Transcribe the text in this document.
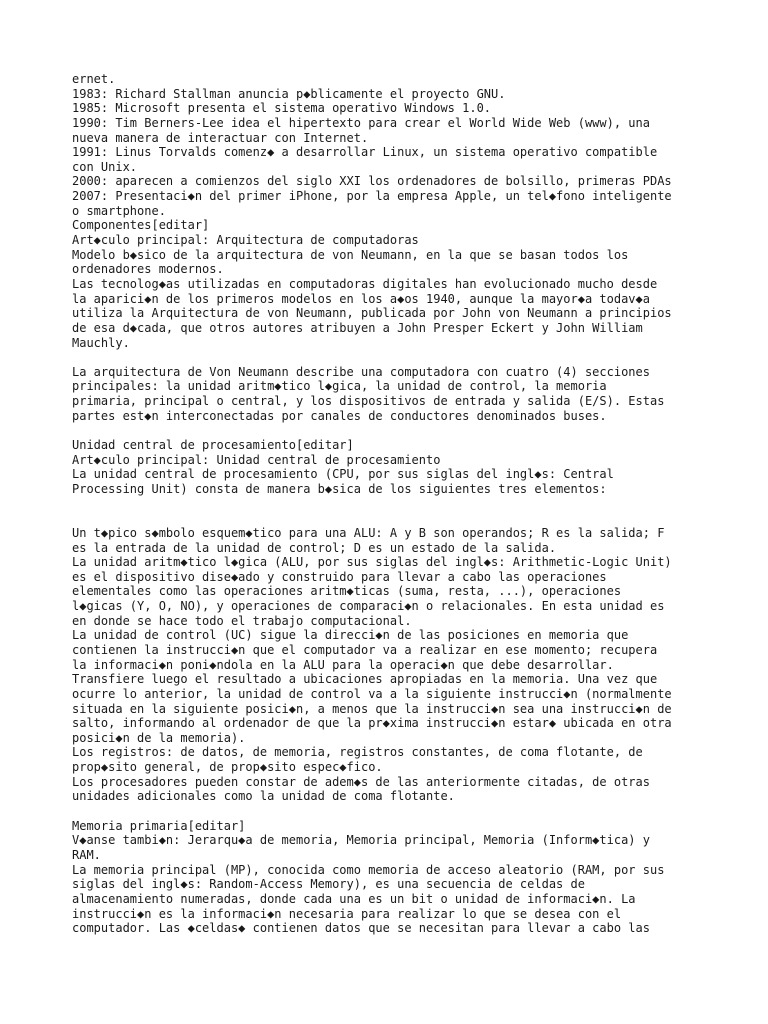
ernet.
1983: Richard Stallman anuncia p◆blicamente el proyecto GNU.
1985: Microsoft presenta el sistema operativo Windows 1.0.
1990: Tim Berners-Lee idea el hipertexto para crear el World Wide Web (www), una
nueva manera de interactuar con Internet.
1991: Linus Torvalds comenz◆ a desarrollar Linux, un sistema operativo compatible
con Unix.
2000: aparecen a comienzos del siglo XXI los ordenadores de bolsillo, primeras PDAs
2007: Presentaci◆n del primer iPhone, por la empresa Apple, un tel◆fono inteligente
o smartphone.
Componentes[editar]
Art◆culo principal: Arquitectura de computadoras
Modelo b◆sico de la arquitectura de von Neumann, en la que se basan todos los
ordenadores modernos.
Las tecnolog◆as utilizadas en computadoras digitales han evolucionado mucho desde
la aparici◆n de los primeros modelos en los a◆os 1940, aunque la mayor◆a todav◆a
utiliza la Arquitectura de von Neumann, publicada por John von Neumann a principios
de esa d◆cada, que otros autores atribuyen a John Presper Eckert y John William
Mauchly.
La arquitectura de Von Neumann describe una computadora con cuatro (4) secciones
principales: la unidad aritm◆tico l◆gica, la unidad de control, la memoria
primaria, principal o central, y los dispositivos de entrada y salida (E/S). Estas
partes est◆n interconectadas por canales de conductores denominados buses.
Unidad central de procesamiento[editar]
Art◆culo principal: Unidad central de procesamiento
La unidad central de procesamiento (CPU, por sus siglas del ingl◆s: Central
Processing Unit) consta de manera b◆sica de los siguientes tres elementos:
Un t◆pico s◆mbolo esquem◆tico para una ALU: A y B son operandos; R es la salida; F
es la entrada de la unidad de control; D es un estado de la salida.
La unidad aritm◆tico l◆gica (ALU, por sus siglas del ingl◆s: Arithmetic-Logic Unit)
es el dispositivo dise◆ado y construido para llevar a cabo las operaciones
elementales como las operaciones aritm◆ticas (suma, resta, ...), operaciones
l◆gicas (Y, O, NO), y operaciones de comparaci◆n o relacionales. En esta unidad es
en donde se hace todo el trabajo computacional.
La unidad de control (UC) sigue la direcci◆n de las posiciones en memoria que
contienen la instrucci◆n que el computador va a realizar en ese momento; recupera
la informaci◆n poni◆ndola en la ALU para la operaci◆n que debe desarrollar.
Transfiere luego el resultado a ubicaciones apropiadas en la memoria. Una vez que
ocurre lo anterior, la unidad de control va a la siguiente instrucci◆n (normalmente
situada en la siguiente posici◆n, a menos que la instrucci◆n sea una instrucci◆n de
salto, informando al ordenador de que la pr◆xima instrucci◆n estar◆ ubicada en otra
posici◆n de la memoria).
Los registros: de datos, de memoria, registros constantes, de coma flotante, de
prop◆sito general, de prop◆sito espec◆fico.
Los procesadores pueden constar de adem◆s de las anteriormente citadas, de otras
unidades adicionales como la unidad de coma flotante.
Memoria primaria[editar]
V◆anse tambi◆n: Jerarqu◆a de memoria, Memoria principal, Memoria (Inform◆tica) y
RAM.
La memoria principal (MP), conocida como memoria de acceso aleatorio (RAM, por sus
siglas del ingl◆s: Random-Access Memory), es una secuencia de celdas de
almacenamiento numeradas, donde cada una es un bit o unidad de informaci◆n. La
instrucci◆n es la informaci◆n necesaria para realizar lo que se desea con el
computador. Las ◆celdas◆ contienen datos que se necesitan para llevar a cabo las
